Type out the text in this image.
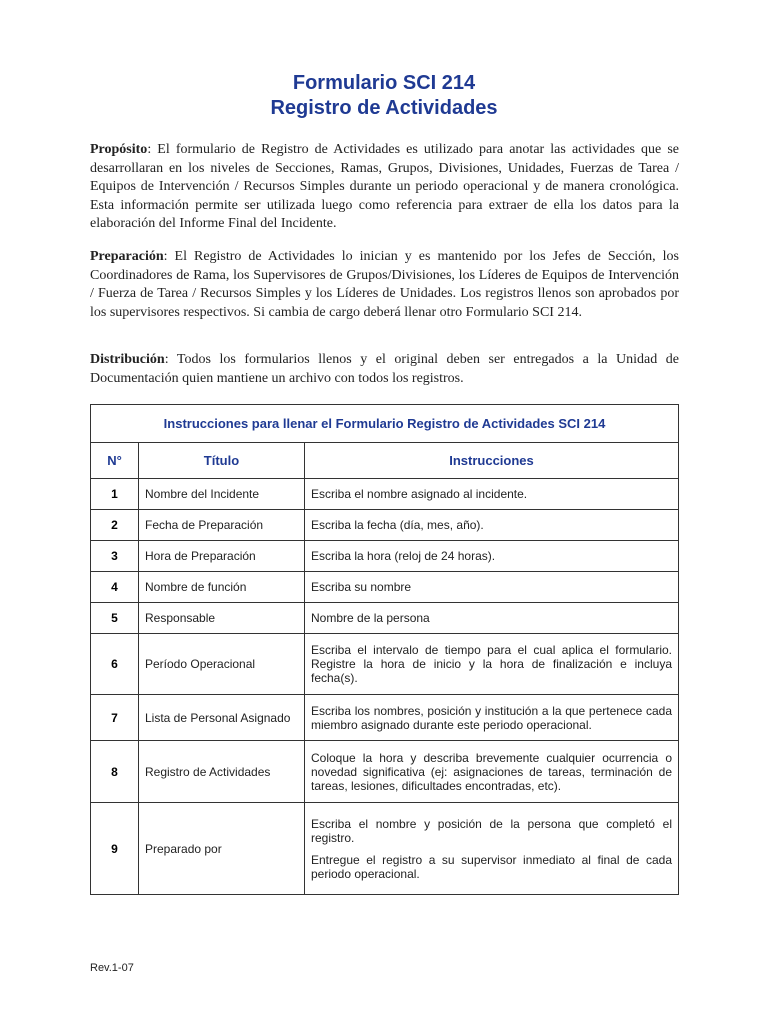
Formulario SCI 214
Registro de Actividades
Propósito: El formulario de Registro de Actividades es utilizado para anotar las actividades que se desarrollaran en los niveles de Secciones, Ramas, Grupos, Divisiones, Unidades, Fuerzas de Tarea / Equipos de Intervención / Recursos Simples durante un periodo operacional y de manera cronológica. Esta información permite ser utilizada luego como referencia para extraer de ella los datos para la elaboración del Informe Final del Incidente.
Preparación: El Registro de Actividades lo inician y es mantenido por los Jefes de Sección, los Coordinadores de Rama, los Supervisores de Grupos/Divisiones, los Líderes de Equipos de Intervención / Fuerza de Tarea / Recursos Simples y los Líderes de Unidades. Los registros llenos son aprobados por los supervisores respectivos. Si cambia de cargo deberá llenar otro Formulario SCI 214.
Distribución: Todos los formularios llenos y el original deben ser entregados a la Unidad de Documentación quien mantiene un archivo con todos los registros.
Instrucciones para llenar el Formulario Registro de Actividades SCI 214		
N°	Título	Instrucciones
1	Nombre del Incidente	Escriba el nombre asignado al incidente.
2	Fecha de Preparación	Escriba la fecha (día, mes, año).
3	Hora de Preparación	Escriba la hora (reloj de 24 horas).
4	Nombre de función	Escriba su nombre
5	Responsable	Nombre de la persona
6	Período Operacional	Escriba el intervalo de tiempo para el cual aplica el formulario. Registre la hora de inicio y la hora de finalización e incluya fecha(s).
7	Lista de Personal Asignado	Escriba los nombres, posición y institución a la que pertenece cada miembro asignado durante este periodo operacional.
8	Registro de Actividades	Coloque la hora y describa brevemente cualquier ocurrencia o novedad significativa (ej: asignaciones de tareas, terminación de tareas, lesiones, dificultades encontradas, etc).
9	Preparado por	Escriba el nombre y posición de la persona que completó el registro.

Entregue el registro a su supervisor inmediato al final de cada periodo operacional.

Rev.1-07
